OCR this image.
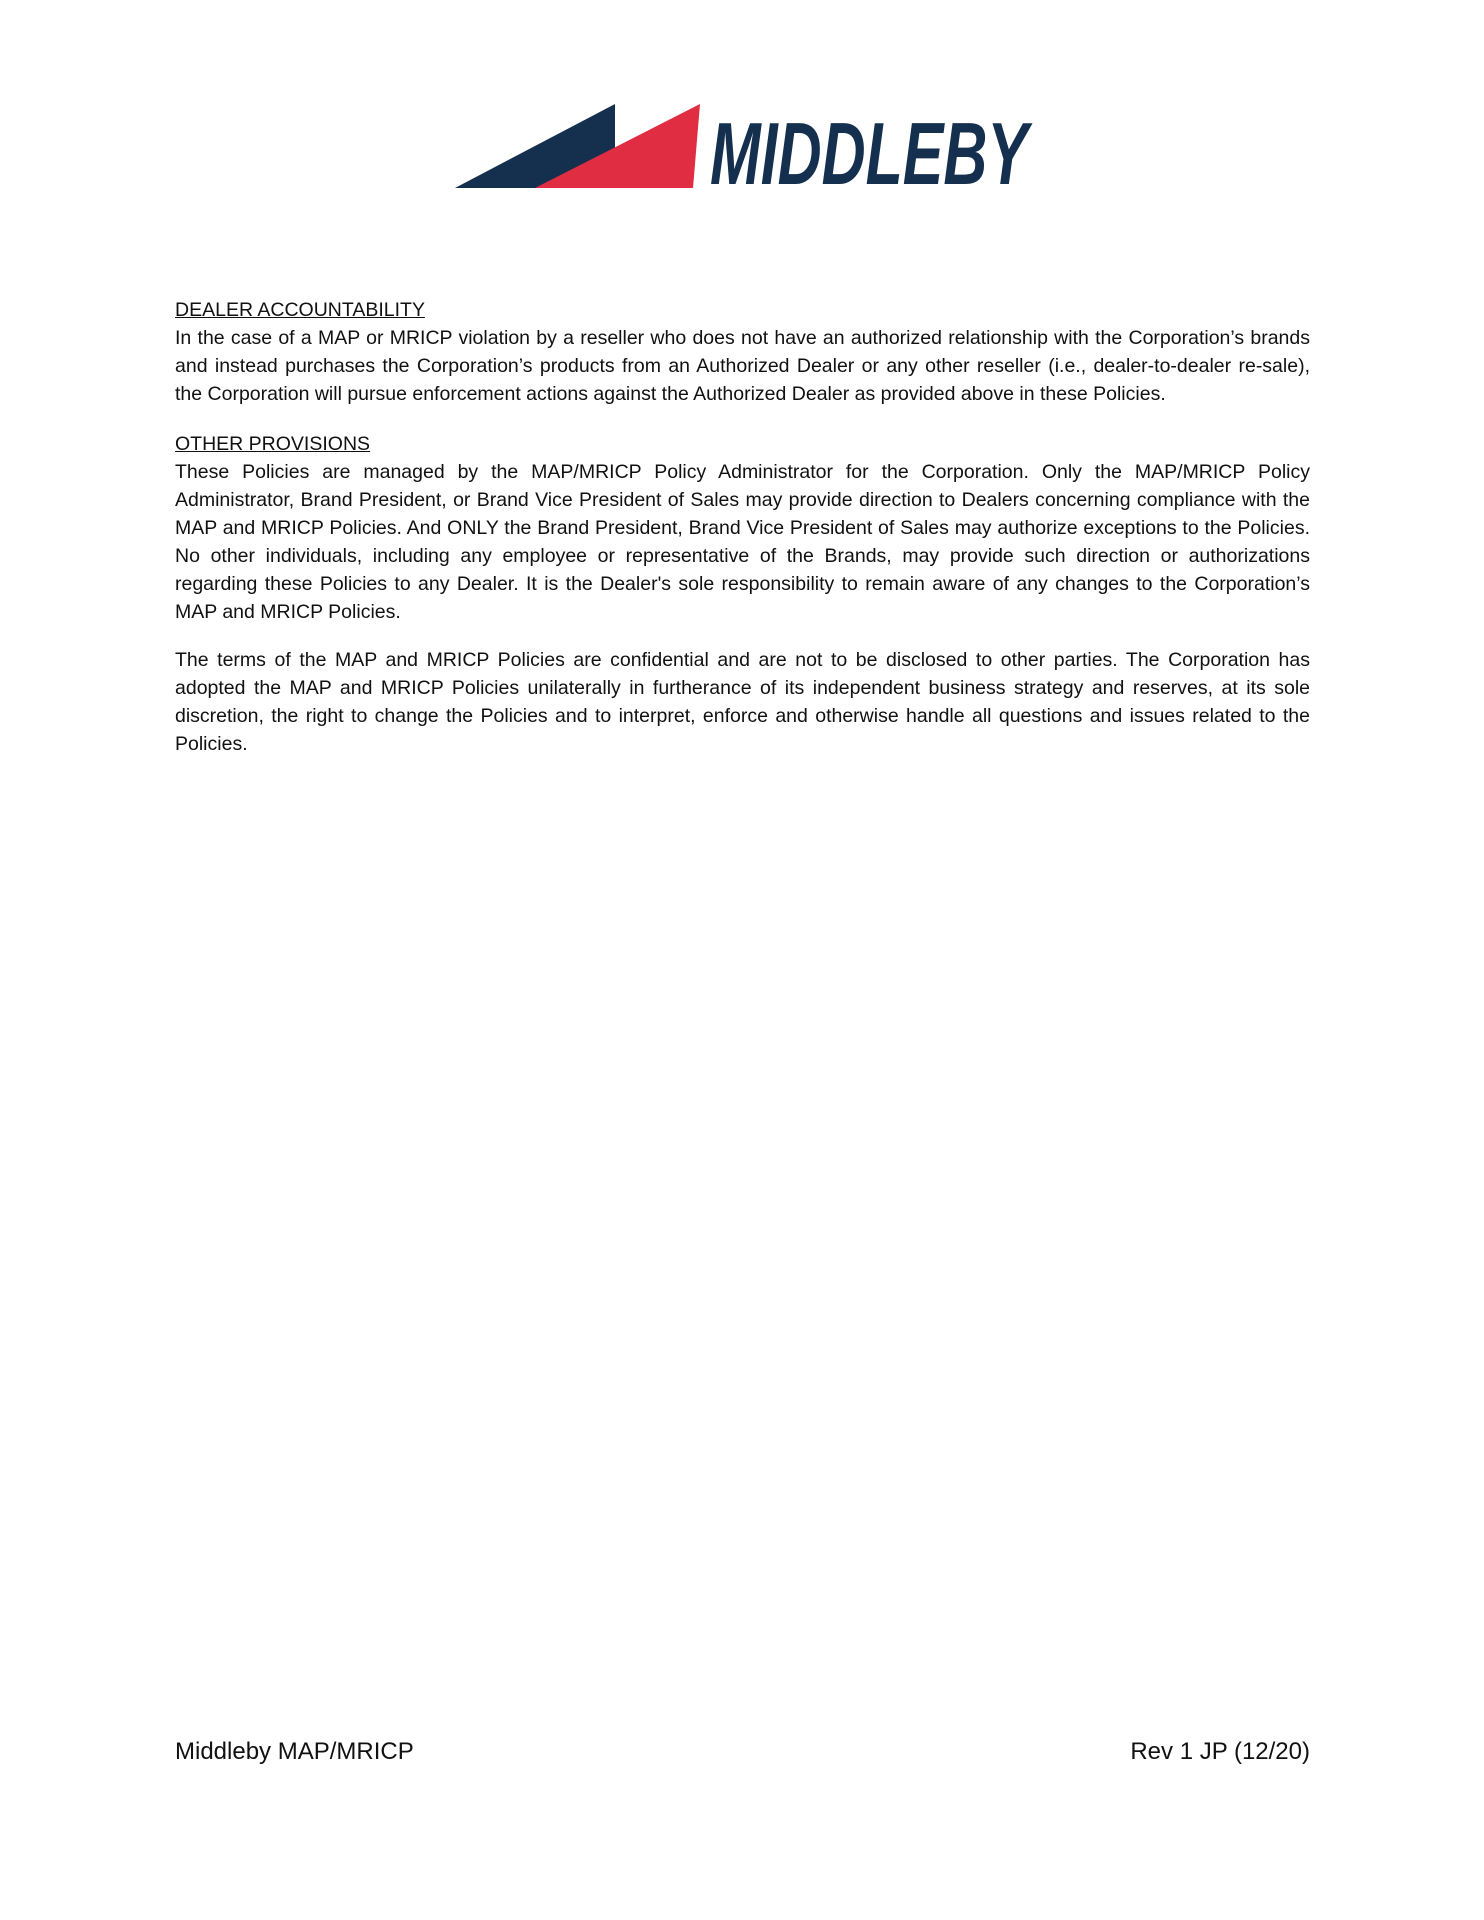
MIDDLEBY

DEALER ACCOUNTABILITY

In the case of a MAP or MRICP violation by a reseller who does not have an authorized relationship with the Corporation’s brands and instead purchases the Corporation’s products from an Authorized Dealer or any other reseller (i.e., dealer-to-dealer re-sale), the Corporation will pursue enforcement actions against the Authorized Dealer as provided above in these Policies.

OTHER PROVISIONS

These Policies are managed by the MAP/MRICP Policy Administrator for the Corporation. Only the MAP/MRICP Policy Administrator, Brand President, or Brand Vice President of Sales may provide direction to Dealers concerning compliance with the MAP and MRICP Policies. And ONLY the Brand President, Brand Vice President of Sales may authorize exceptions to the Policies. No other individuals, including any employee or representative of the Brands, may provide such direction or authorizations regarding these Policies to any Dealer. It is the Dealer's sole responsibility to remain aware of any changes to the Corporation’s MAP and MRICP Policies.

The terms of the MAP and MRICP Policies are confidential and are not to be disclosed to other parties. The Corporation has adopted the MAP and MRICP Policies unilaterally in furtherance of its independent business strategy and reserves, at its sole discretion, the right to change the Policies and to interpret, enforce and otherwise handle all questions and issues related to the Policies.

Middleby MAP/MRICP	Rev 1 JP (12/20)
